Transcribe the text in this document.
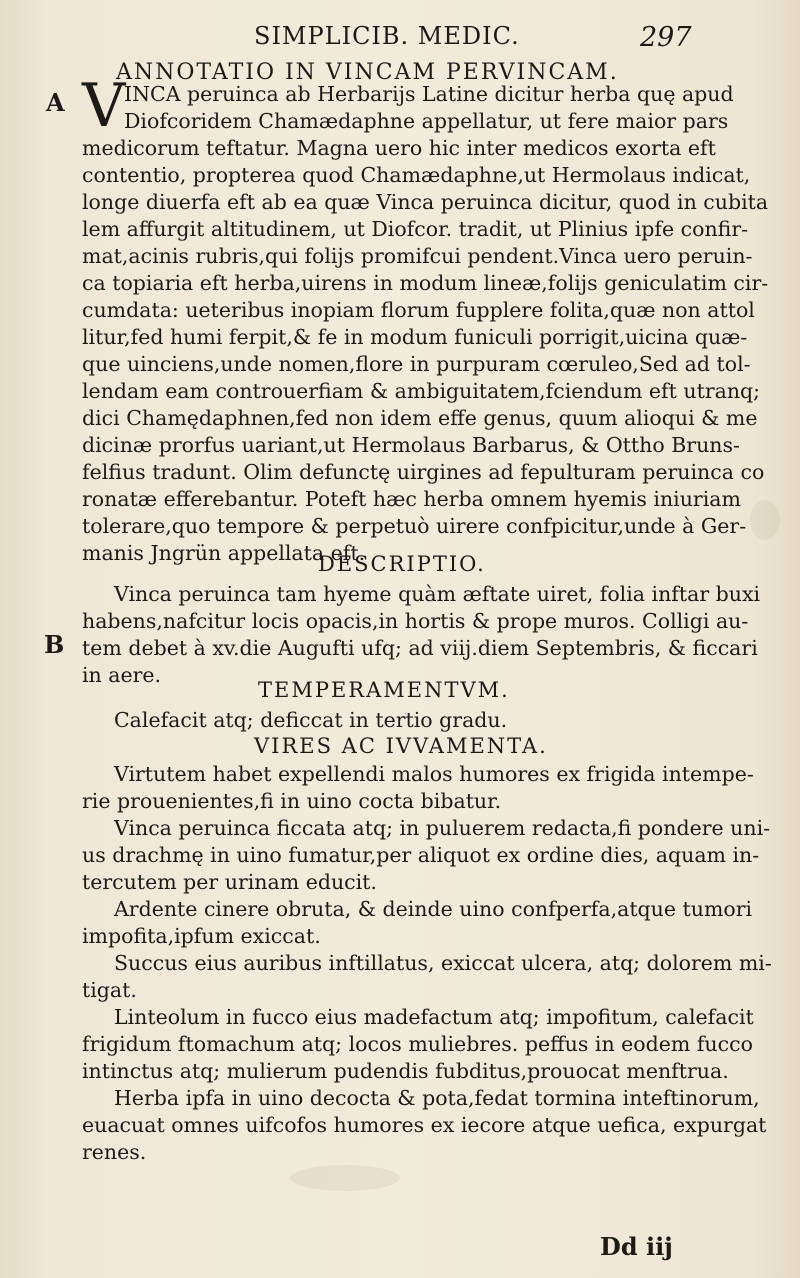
SIMPLICIB. MEDIC.	297
ANNOTATIO IN VINCAM PERVINCAM.
A V
INCA peruinca ab Herbarijs Latine dicitur herba quę apud
Diofcoridem Chamædaphne appellatur, ut fere maior pars
medicorum teftatur. Magna uero hic inter medicos exorta eft
contentio, propterea quod Chamædaphne,ut Hermolaus indicat,
longe diuerfa eft ab ea quæ Vinca peruinca dicitur, quod in cubita
lem affurgit altitudinem, ut Diofcor. tradit, ut Plinius ipfe confir-
mat,acinis rubris,qui folijs promifcui pendent.Vinca uero peruin-
ca topiaria eft herba,uirens in modum lineæ,folijs geniculatim cir-
cumdata: ueteribus inopiam florum fupplere folita,quæ non attol
litur,fed humi ferpit,& fe in modum funiculi porrigit,uicina quæ-
que uinciens,unde nomen,flore in purpuram cœruleo,Sed ad tol-
lendam eam controuerfiam & ambiguitatem,fciendum eft utranq;
dici Chamędaphnen,fed non idem effe genus, quum alioqui & me
dicinæ prorfus uariant,ut Hermolaus Barbarus, & Ottho Bruns-
felfius tradunt. Olim defunctę uirgines ad fepulturam peruinca co
ronatæ efferebantur. Poteft hæc herba omnem hyemis iniuriam
tolerare,quo tempore & perpetuò uirere confpicitur,unde à Ger-
manis Jngrün appellata eft.
DESCRIPTIO.
Vinca peruinca tam hyeme quàm æftate uiret, folia inftar buxi
habens,nafcitur locis opacis,in hortis & prope muros. Colligi au-
tem debet à xv.die Augufti ufq; ad viij.diem Septembris, & ficcari
in aere.
B
TEMPERAMENTVM.
Calefacit atq; deficcat in tertio gradu.
VIRES AC IVVAMENTA.
Virtutem habet expellendi malos humores ex frigida intempe-
rie prouenientes,fi in uino cocta bibatur.
Vinca peruinca ficcata atq; in puluerem redacta,fi pondere uni-
us drachmę in uino fumatur,per aliquot ex ordine dies, aquam in-
tercutem per urinam educit.
Ardente cinere obruta, & deinde uino confperfa,atque tumori
impofita,ipfum exiccat.
Succus eius auribus inftillatus, exiccat ulcera, atq; dolorem mi-
tigat.
Linteolum in fucco eius madefactum atq; impofitum, calefacit
frigidum ftomachum atq; locos muliebres. peffus in eodem fucco
intinctus atq; mulierum pudendis fubditus,prouocat menftrua.
Herba ipfa in uino decocta & pota,fedat tormina inteftinorum,
euacuat omnes uifcofos humores ex iecore atque uefica, expurgat
renes.
Dd iij
